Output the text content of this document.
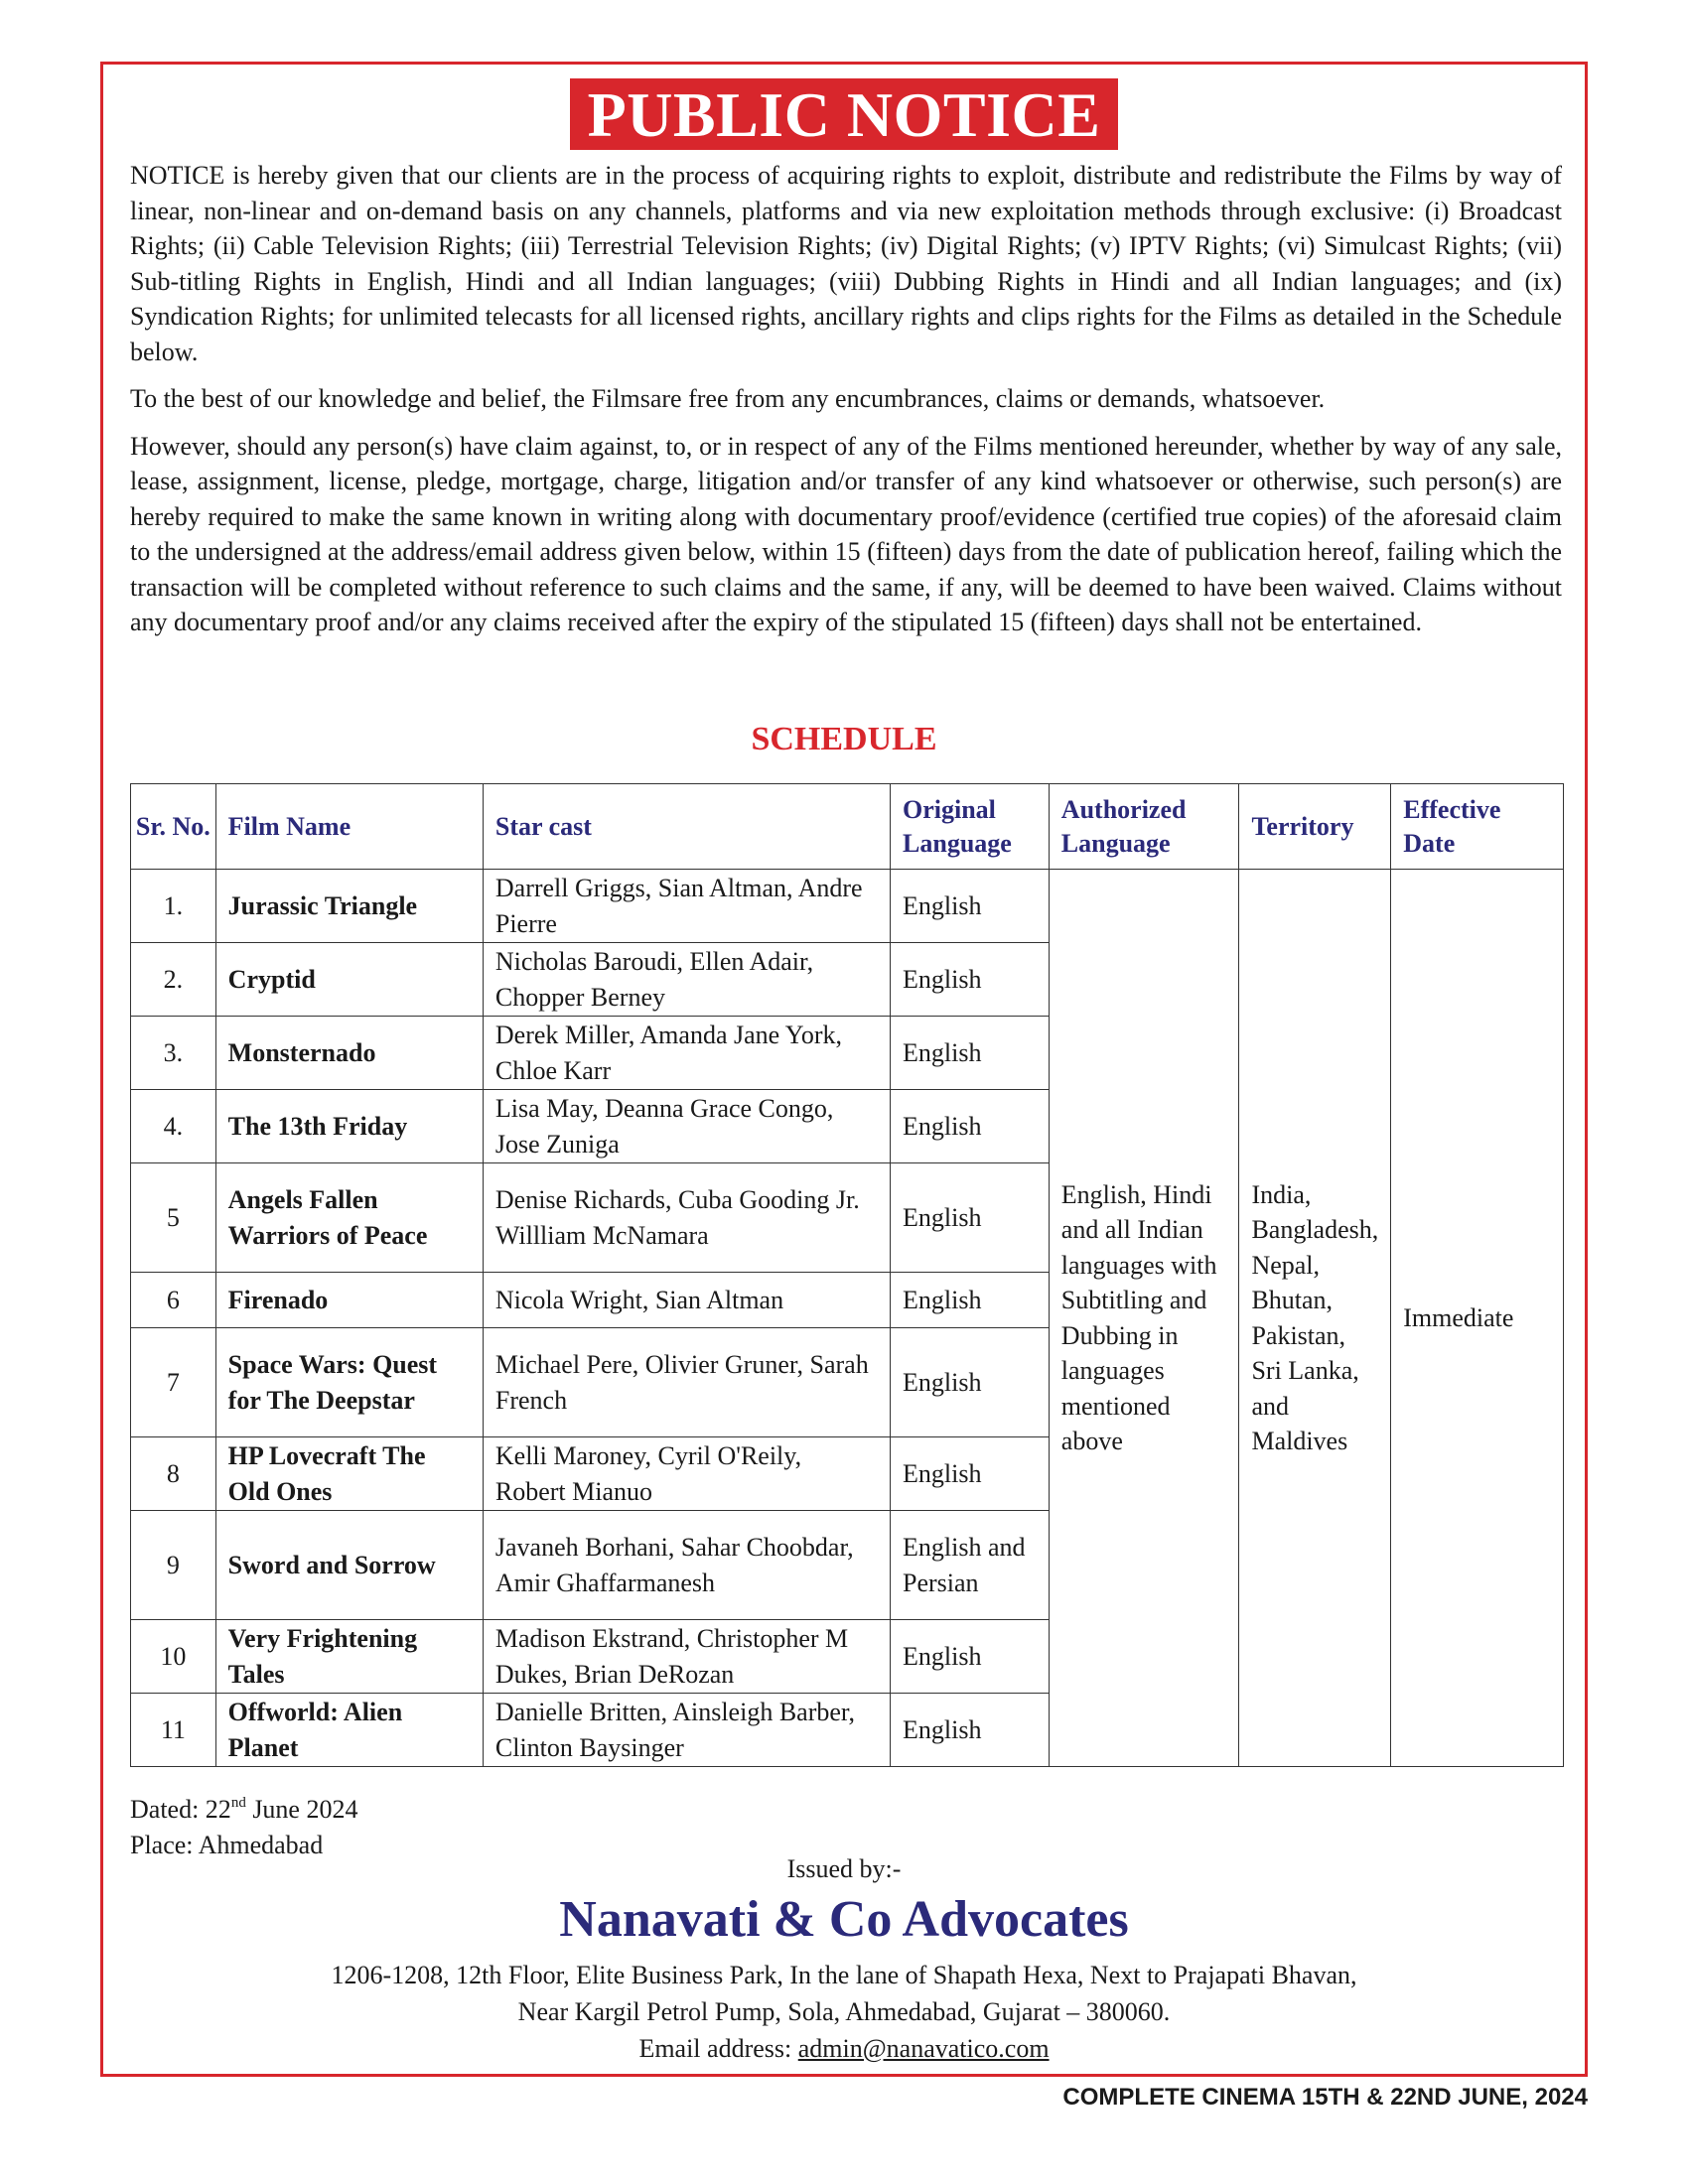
PUBLIC NOTICE

NOTICE is hereby given that our clients are in the process of acquiring rights to exploit, distribute and redistribute the Films by way of linear, non-linear and on-demand basis on any channels, platforms and via new exploitation methods through exclusive: (i) Broadcast Rights; (ii) Cable Television Rights; (iii) Terrestrial Television Rights; (iv) Digital Rights; (v) IPTV Rights; (vi) Simulcast Rights; (vii) Sub-titling Rights in English, Hindi and all Indian languages; (viii) Dubbing Rights in Hindi and all Indian languages; and (ix) Syndication Rights; for unlimited telecasts for all licensed rights, ancillary rights and clips rights for the Films as detailed in the Schedule below.

To the best of our knowledge and belief, the Filmsare free from any encumbrances, claims or demands, whatsoever.

However, should any person(s) have claim against, to, or in respect of any of the Films mentioned hereunder, whether by way of any sale, lease, assignment, license, pledge, mortgage, charge, litigation and/or transfer of any kind whatsoever or otherwise, such person(s) are hereby required to make the same known in writing along with documentary proof/evidence (certified true copies) of the aforesaid claim to the undersigned at the address/email address given below, within 15 (fifteen) days from the date of publication hereof, failing which the transaction will be completed without reference to such claims and the same, if any, will be deemed to have been waived. Claims without any documentary proof and/or any claims received after the expiry of the stipulated 15 (fifteen) days shall not be entertained.

SCHEDULE
Sr. No.	Film Name	Star cast	Original Language	Authorized Language	Territory	Effective Date
1.	Jurassic Triangle	Darrell Griggs, Sian Altman, Andre Pierre	English	English, Hindi and all Indian languages with Subtitling and Dubbing in languages mentioned above	India, Bangladesh, Nepal, Bhutan, Pakistan, Sri Lanka, and Maldives	Immediate
2.	Cryptid	Nicholas Baroudi, Ellen Adair, Chopper Berney	English			
3.	Monsternado	Derek Miller, Amanda Jane York, Chloe Karr	English			
4.	The 13th Friday	Lisa May, Deanna Grace Congo, Jose Zuniga	English			
5	Angels Fallen Warriors of Peace	Denise Richards, Cuba Gooding Jr. Willliam McNamara	English			
6	Firenado	Nicola Wright, Sian Altman	English			
7	Space Wars: Quest for The Deepstar	Michael Pere, Olivier Gruner, Sarah French	English			
8	HP Lovecraft The Old Ones	Kelli Maroney, Cyril O'Reily, Robert Mianuo	English			
9	Sword and Sorrow	Javaneh Borhani, Sahar Choobdar, Amir Ghaffarmanesh	English and Persian			
10	Very Frightening Tales	Madison Ekstrand, Christopher M Dukes, Brian DeRozan	English			
11	Offworld: Alien Planet	Danielle Britten, Ainsleigh Barber, Clinton Baysinger	English			
Dated: 22nd June 2024
Place: Ahmedabad
Issued by:-
Nanavati & Co Advocates
1206-1208, 12th Floor, Elite Business Park, In the lane of Shapath Hexa, Next to Prajapati Bhavan,
Near Kargil Petrol Pump, Sola, Ahmedabad, Gujarat – 380060.
Email address: admin@nanavatico.com
COMPLETE CINEMA 15TH & 22ND JUNE, 2024
